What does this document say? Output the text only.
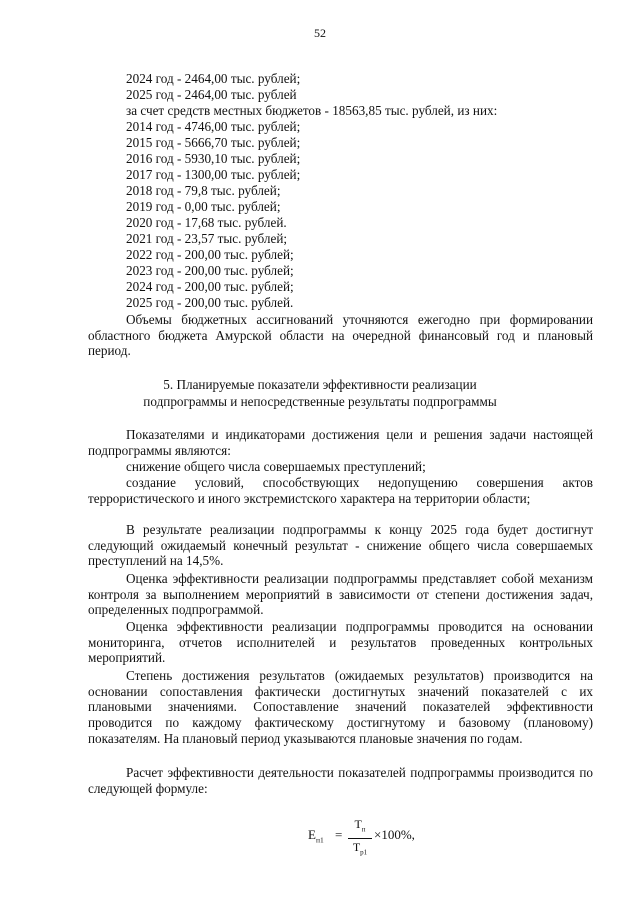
52
2024 год - 2464,00 тыс. рублей;
2025 год - 2464,00 тыс. рублей
за счет средств местных бюджетов - 18563,85 тыс. рублей, из них:
2014 год - 4746,00 тыс. рублей;
2015 год - 5666,70 тыс. рублей;
2016 год - 5930,10 тыс. рублей;
2017 год - 1300,00 тыс. рублей;
2018 год - 79,8 тыс. рублей;
2019 год - 0,00 тыс. рублей;
2020 год - 17,68 тыс. рублей.
2021 год - 23,57 тыс. рублей;
2022 год - 200,00 тыс. рублей;
2023 год - 200,00 тыс. рублей;
2024 год - 200,00 тыс. рублей;
2025 год - 200,00 тыс. рублей.
Объемы бюджетных ассигнований уточняются ежегодно при формировании областного бюджета Амурской области на очередной финансовый год и плановый период.
5. Планируемые показатели эффективности реализации
подпрограммы и непосредственные результаты подпрограммы
Показателями и индикаторами достижения цели и решения задачи настоящей подпрограммы являются:
снижение общего числа совершаемых преступлений;
создание условий, способствующих недопущению совершения актов террористического и иного экстремистского характера на территории области;
В результате реализации подпрограммы к концу 2025 года будет достигнут следующий ожидаемый конечный результат - снижение общего числа совершаемых преступлений на 14,5%.
Оценка эффективности реализации подпрограммы представляет собой механизм контроля за выполнением мероприятий в зависимости от степени достижения задач, определенных подпрограммой.
Оценка эффективности реализации подпрограммы проводится на основании мониторинга, отчетов исполнителей и результатов проведенных контрольных мероприятий.
Степень достижения результатов (ожидаемых результатов) производится на основании сопоставления фактически достигнутых значений показателей с их плановыми значениями. Сопоставление значений показателей эффективности проводится по каждому фактическому достигнутому и базовому (плановому) показателям. На плановый период указываются плановые значения по годам.
Расчет эффективности деятельности показателей подпрограммы производится по следующей формуле:
$Е_{п1}$ =
$Т_п$
$Т_{р1}$
×100%,
